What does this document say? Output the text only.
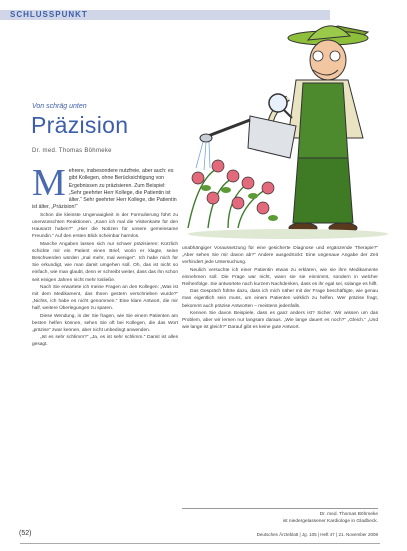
SCHLUSSPUNKT
Von schräg unten
Präzision
Dr. med. Thomas Böhmeke

Mehrere, insbesondere nutzfreie, aber auch: es gibt Kollegen, ohne Berücksichtigung von Ergebnissen zu präzisieren. Zum Beispiel: „Sehr geehrter Herr Kollege, die Patientin ist älter.“ Sehr geehrter Herr Kollege, die Patientin ist älter, „Präzision!“

Schon die kleinste Ungenauigkeit in der Formulierung führt zu unerwünschten Reaktionen. „Kann ich mal die Visitenkarte für den Hausarzt haben?“ „Hier die Notizen für unsere gemeinsame Freundin.“ Auf den ersten Blick scheinbar harmlos.

Manche Angaben lassen sich nur schwer präzisieren: Kürzlich schickte mir ein Patient einen Brief, worin er klagte, seine Beschwerden würden „mal mehr, mal weniger“. Ich habe mich für Sie erkundigt, wie man damit umgehen soll. Oh, das ist nicht so einfach, wie man glaubt, denn er schreibt weiter, dass das ihn schon seit einigen Jahren nicht mehr losließe.

Nach Sie erwartete ich meine Fragen an den Kollegen: „Was ist mit dem Medikament, das Ihnen gestern verschrieben wurde?“ „Nichts, ich habe es nicht genommen.“ Eine klare Antwort, die mir half, weitere Überlegungen zu sparen.

Diese Wendung, in der Sie fragen, wie Sie einem Patienten am besten helfen können, sehen Sie oft bei Kollegen, die das Wort „präzise“ zwar kennen, aber nicht unbedingt anwenden.

„Ist es sehr schlimm?“ „Ja, es ist sehr schlimm.“ Damit ist alles gesagt.

unabhängiger Voraussetzung für eine gesicherte Diagnose und ergänzende Therapie?“ „Aber sehen Sie mir davon ab?“ Andere ausgedrückt: Eine ungenaue Angabe der Zeit verhindert jede Untersuchung.

Neulich versuchte ich einer Patientin etwas zu erklären, wie sie ihre Medikamente einnehmen soll. Die Frage war nicht, wann sie sie einnimmt, sondern in welcher Reihenfolge. Sie antwortete nach kurzem Nachdenken, dass es ihr egal sei, solange es hilft.

Das Gespräch führte dazu, dass ich mich näher mit der Frage beschäftigte, wie genau man eigentlich sein muss, um einem Patienten wirklich zu helfen. Wer präzise fragt, bekommt auch präzise Antworten – meistens jedenfalls.

Kennen Sie davon Beispiele, dass es ganz anders ist? Sicher. Wir wissen um das Problem, aber wir lernen nur langsam daraus. „Wie lange dauert es noch?“ „Gleich.“ „Und wie lange ist gleich?“ Darauf gibt es keine gute Antwort.

Dr. med. Thomas Böhmeke
ist niedergelassener Kardiologe in Gladbeck.
(52)	Deutsches Ärzteblatt | Jg. 105 | Heft 47 | 21. November 2008
